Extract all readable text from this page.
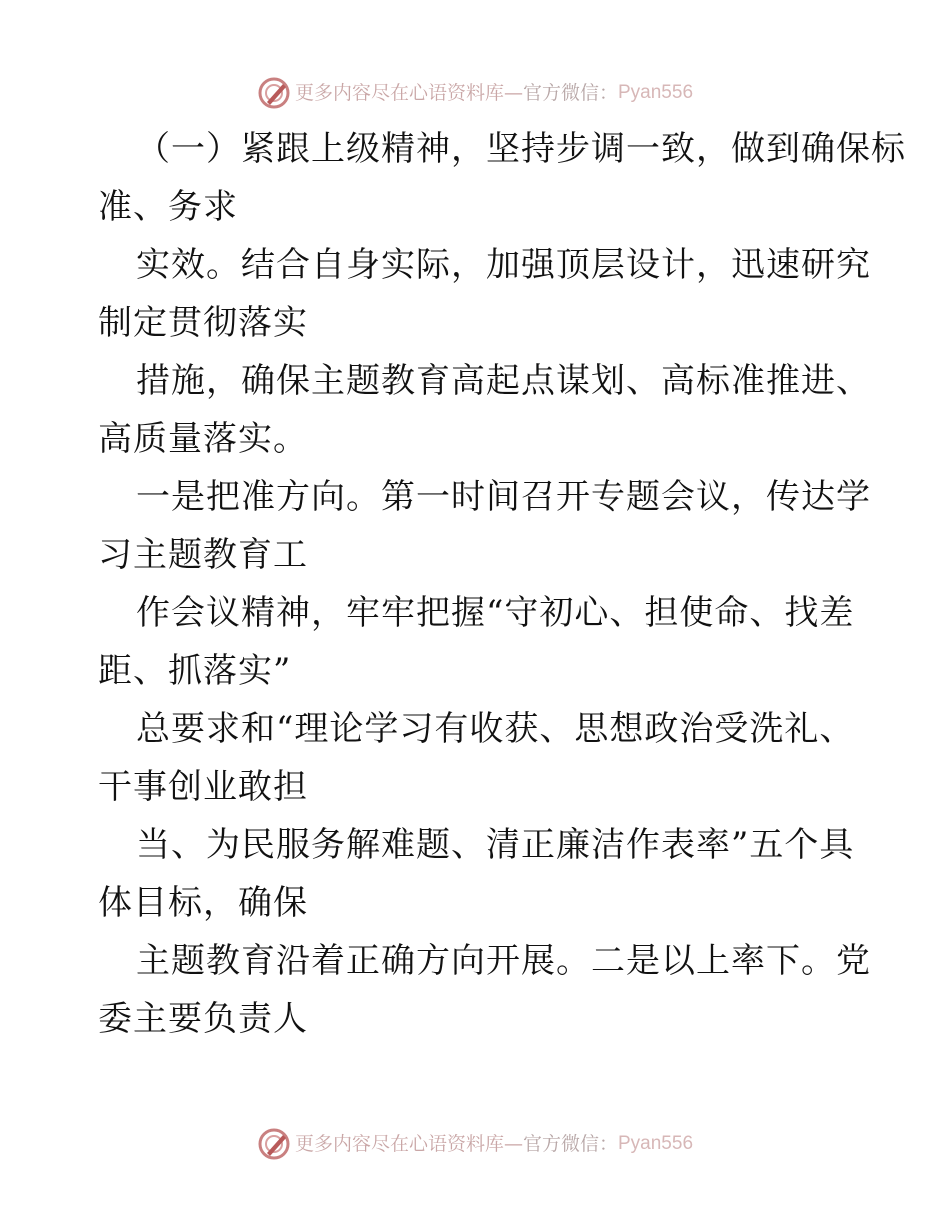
更多内容尽在心语资料库 — 官方微信： Pyan556
（一）紧跟上级精神，坚持步调一致，做到确保标
准、务求
实效。结合自身实际，加强顶层设计，迅速研究
制定贯彻落实
措施，确保主题教育高起点谋划、高标准推进、
高质量落实。
一是把准方向。第一时间召开专题会议，传达学
习主题教育工
作会议精神，牢牢把握“守初心、担使命、找差
距、抓落实”
总要求和“理论学习有收获、思想政治受洗礼、
干事创业敢担
当、为民服务解难题、清正廉洁作表率”五个具
体目标，确保
主题教育沿着正确方向开展。二是以上率下。党
委主要负责人
更多内容尽在心语资料库 — 官方微信： Pyan556
